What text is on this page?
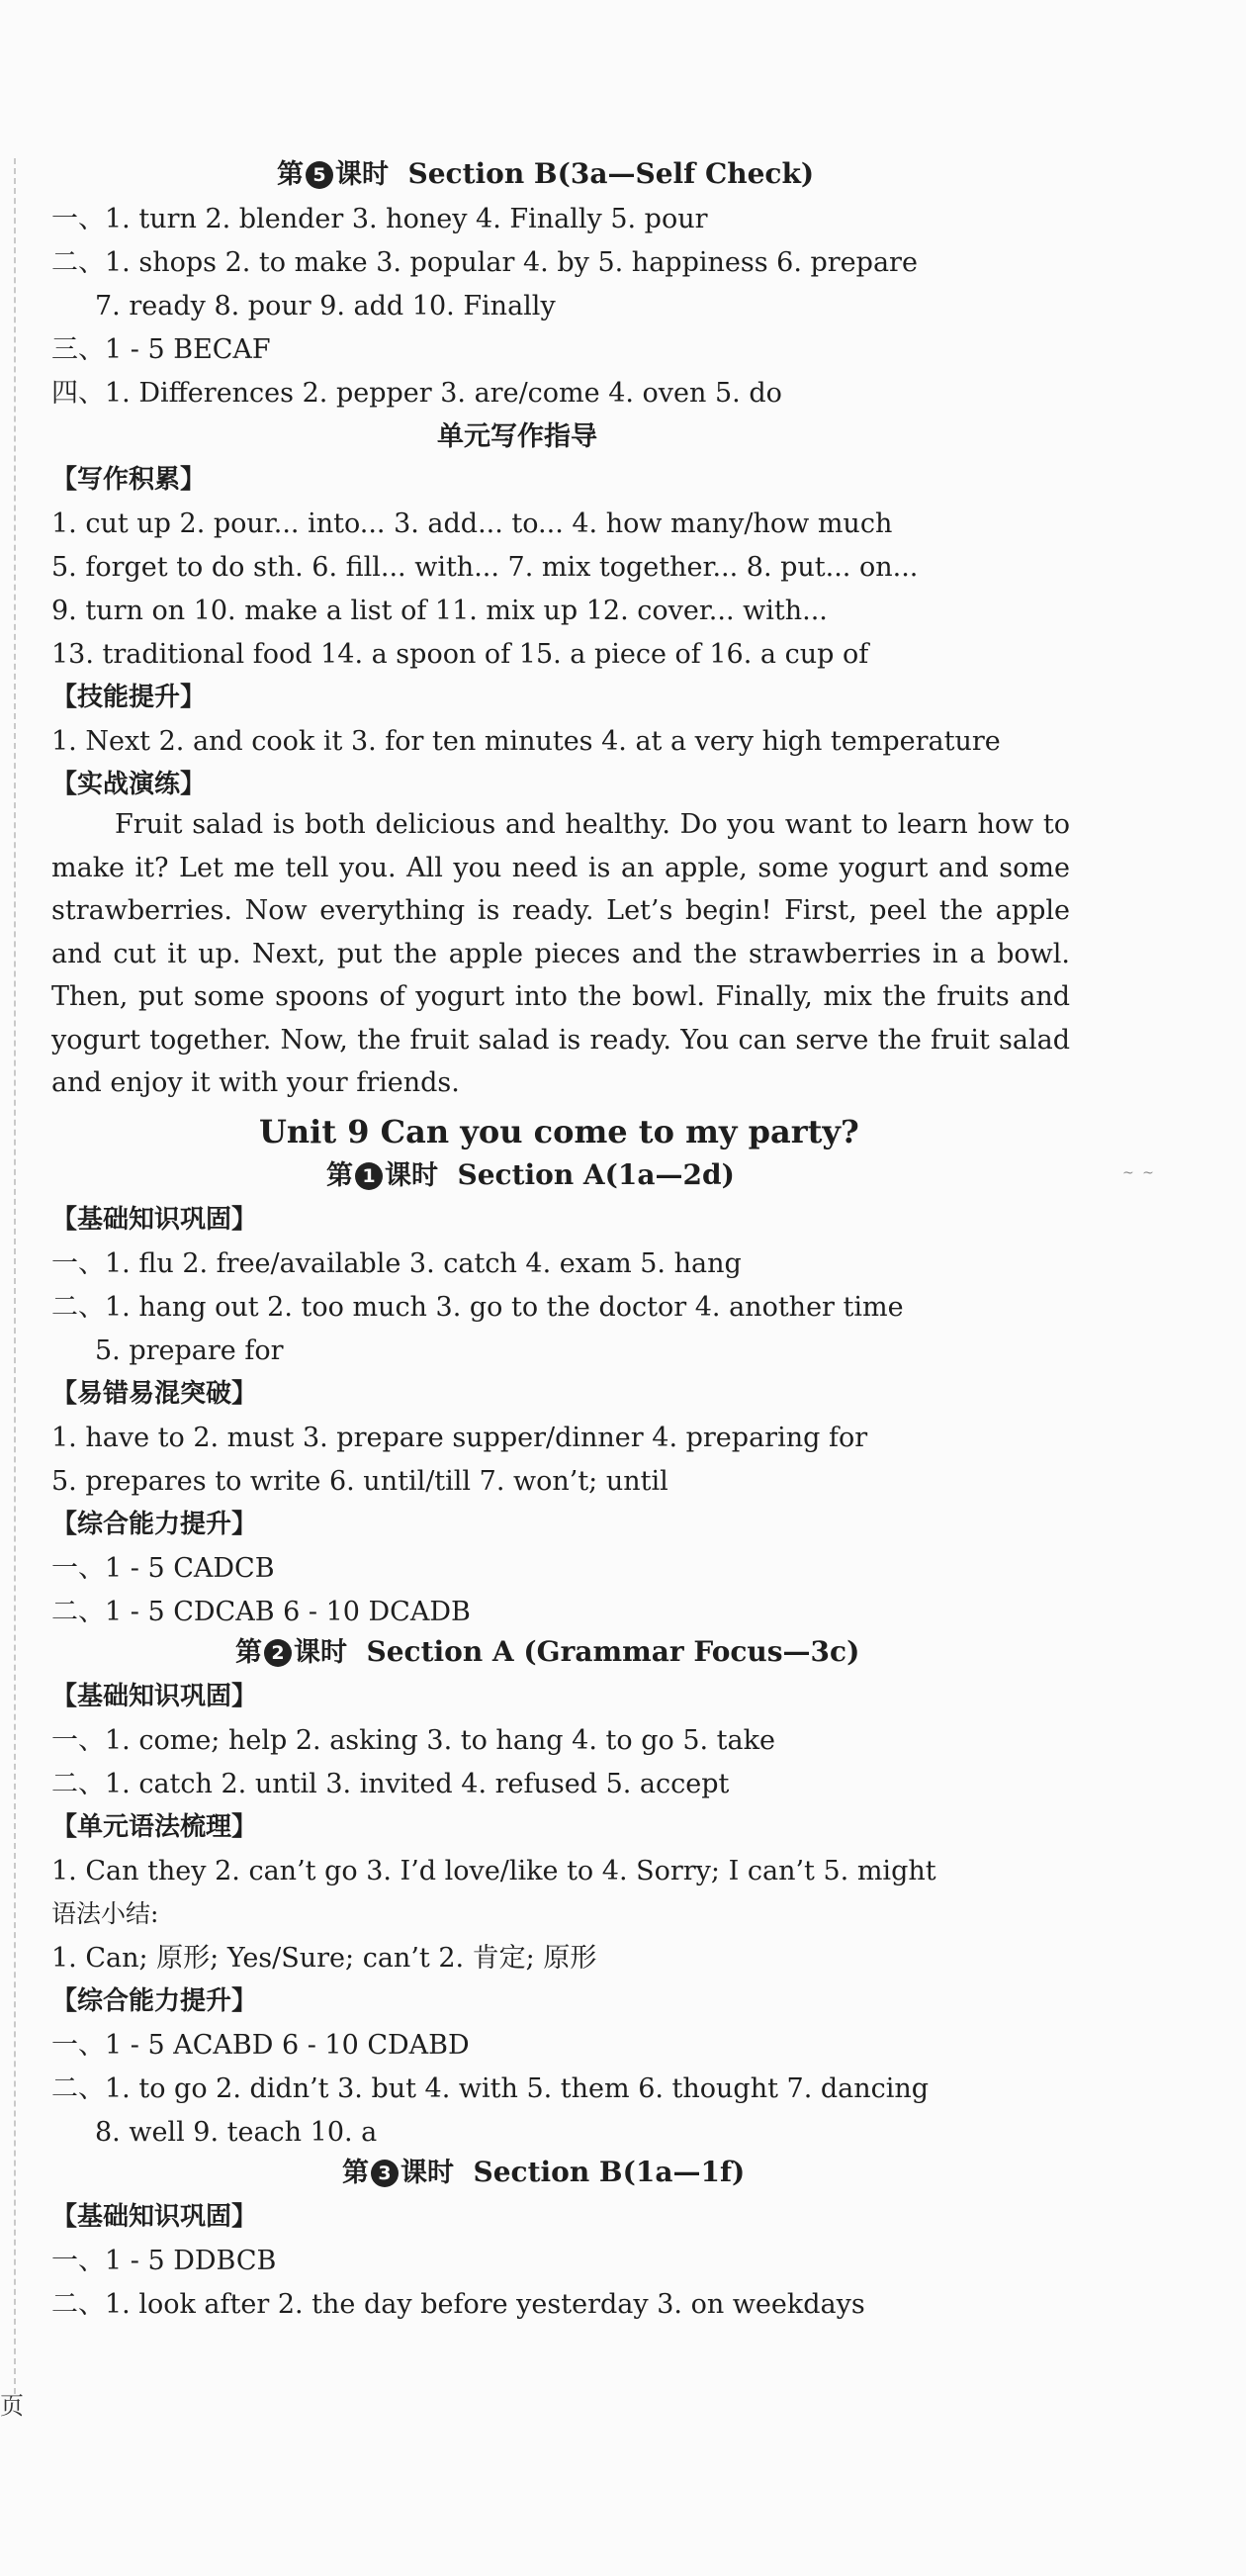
页
~ ~
第 5 课时 Section B(3a—Self Check)
一、1. turn 2. blender 3. honey 4. Finally 5. pour
二、1. shops 2. to make 3. popular 4. by 5. happiness 6. prepare
7. ready 8. pour 9. add 10. Finally
三、1 - 5 BECAF
四、1. Differences 2. pepper 3. are/come 4. oven 5. do
单元写作指导
【写作积累】
1. cut up 2. pour... into... 3. add... to... 4. how many/how much
5. forget to do sth. 6. fill... with... 7. mix together... 8. put... on...
9. turn on 10. make a list of 11. mix up 12. cover... with...
13. traditional food 14. a spoon of 15. a piece of 16. a cup of
【技能提升】
1. Next 2. and cook it 3. for ten minutes 4. at a very high temperature
【实战演练】
Fruit salad is both delicious and healthy. Do you want to learn how to make it? Let me tell you. All you need is an apple, some yogurt and some strawberries. Now everything is ready. Let’s begin! First, peel the apple and cut it up. Next, put the apple pieces and the strawberries in a bowl. Then, put some spoons of yogurt into the bowl. Finally, mix the fruits and yogurt together. Now, the fruit salad is ready. You can serve the fruit salad and enjoy it with your friends.
Unit 9 Can you come to my party?
第 1 课时 Section A(1a—2d)
【基础知识巩固】
一、1. flu 2. free/available 3. catch 4. exam 5. hang
二、1. hang out 2. too much 3. go to the doctor 4. another time
5. prepare for
【易错易混突破】
1. have to 2. must 3. prepare supper/dinner 4. preparing for
5. prepares to write 6. until/till 7. won’t; until
【综合能力提升】
一、1 - 5 CADCB
二、1 - 5 CDCAB 6 - 10 DCADB
第 2 课时 Section A (Grammar Focus—3c)
【基础知识巩固】
一、1. come; help 2. asking 3. to hang 4. to go 5. take
二、1. catch 2. until 3. invited 4. refused 5. accept
【单元语法梳理】
1. Can they 2. can’t go 3. I’d love/like to 4. Sorry; I can’t 5. might
语法小结:
1. Can; 原形; Yes/Sure; can’t 2. 肯定; 原形
【综合能力提升】
一、1 - 5 ACABD 6 - 10 CDABD
二、1. to go 2. didn’t 3. but 4. with 5. them 6. thought 7. dancing
8. well 9. teach 10. a
第 3 课时 Section B(1a—1f)
【基础知识巩固】
一、1 - 5 DDBCB
二、1. look after 2. the day before yesterday 3. on weekdays
